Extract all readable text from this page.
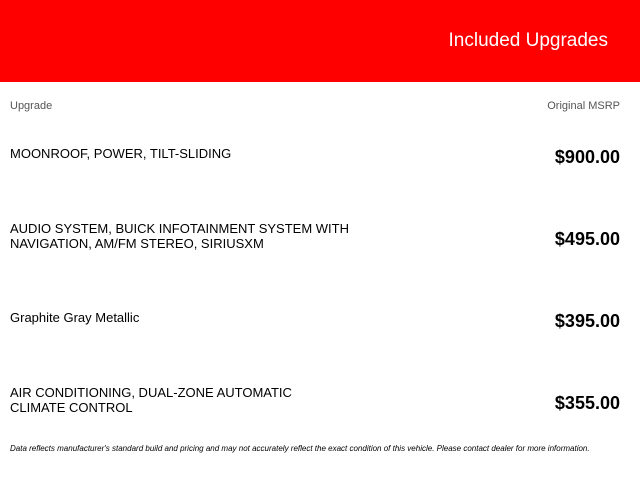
Included Upgrades
Upgrade	Original MSRP
MOONROOF, POWER, TILT-SLIDING	$900.00
AUDIO SYSTEM, BUICK INFOTAINMENT SYSTEM WITH NAVIGATION, AM/FM STEREO, SIRIUSXM	$495.00
Graphite Gray Metallic	$395.00
AIR CONDITIONING, DUAL-ZONE AUTOMATIC CLIMATE CONTROL	$355.00
Data reflects manufacturer's standard build and pricing and may not accurately reflect the exact condition of this vehicle. Please contact dealer for more information.
